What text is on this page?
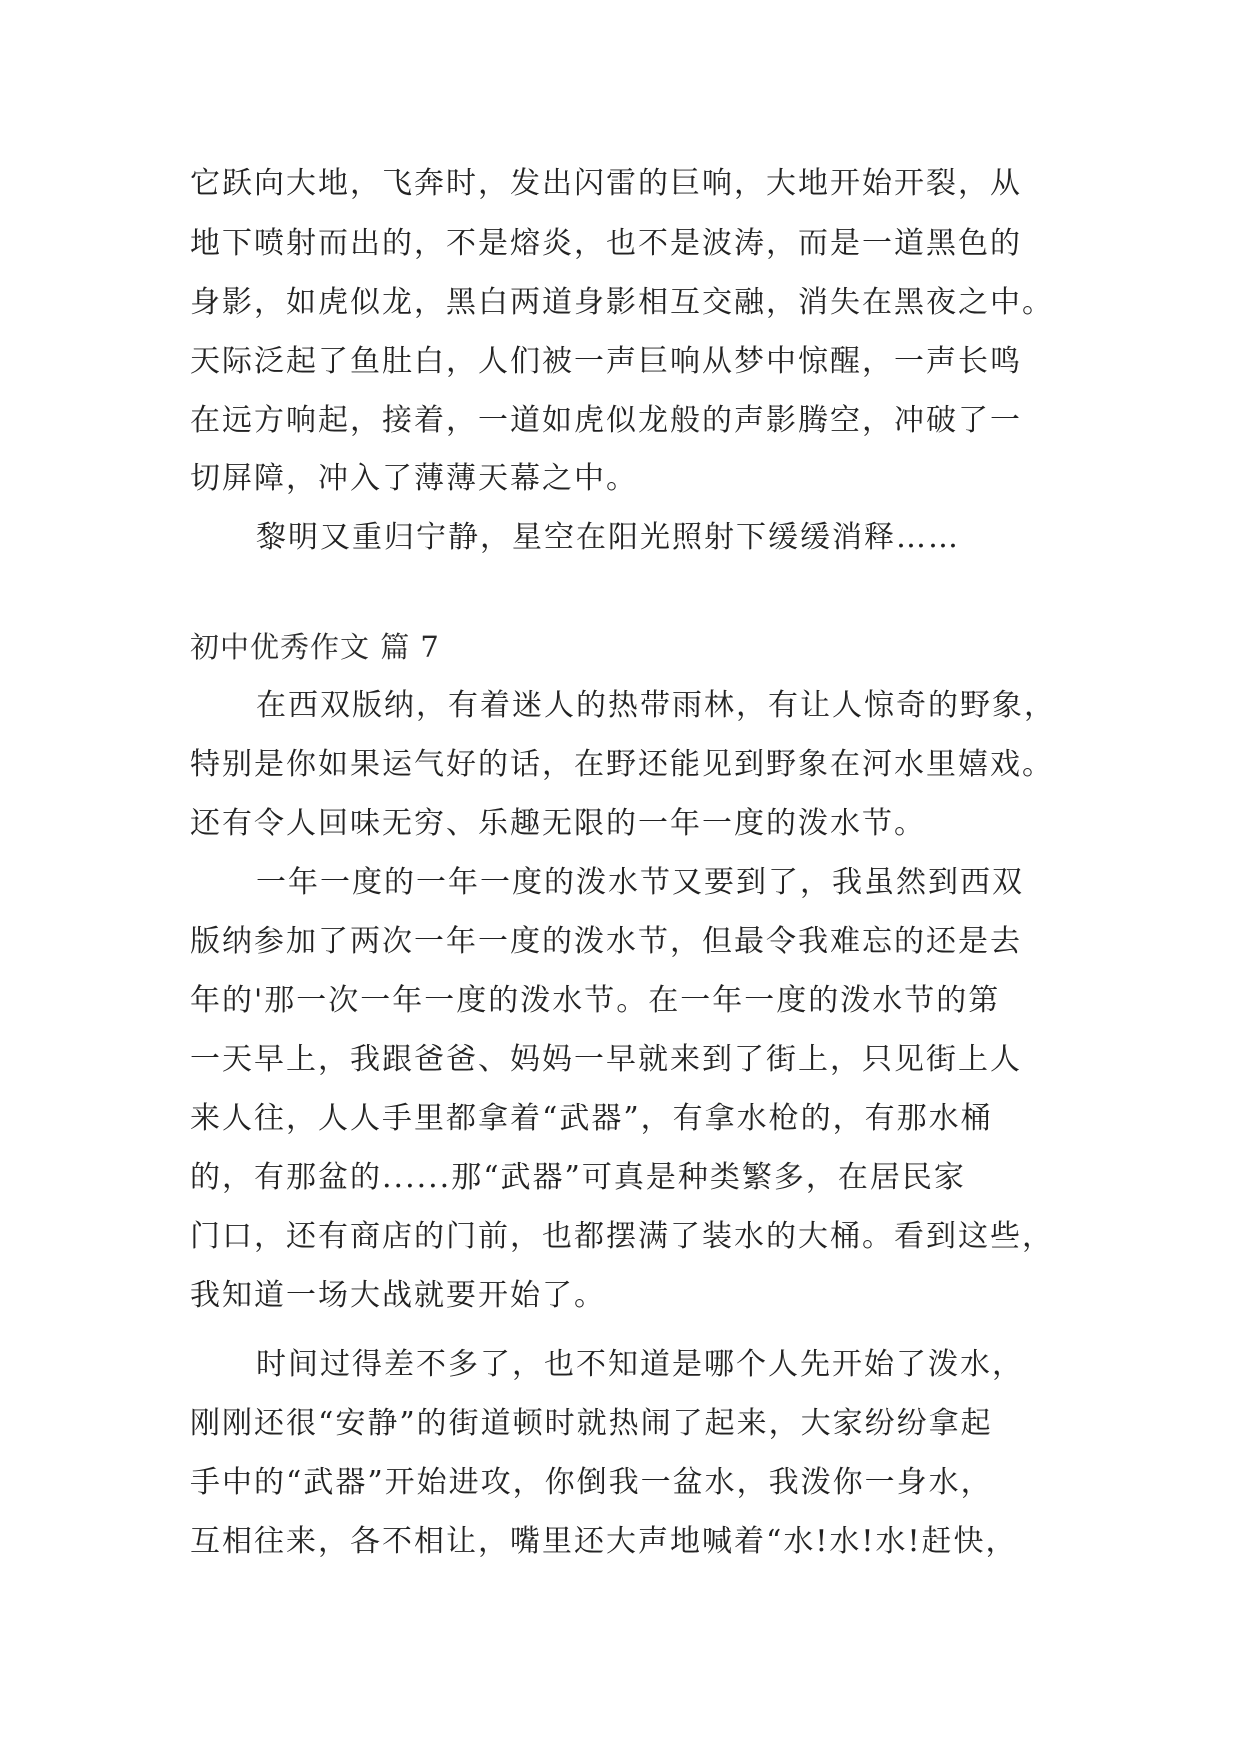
它跃向大地，飞奔时，发出闪雷的巨响，大地开始开裂，从
地下喷射而出的，不是熔炎，也不是波涛，而是一道黑色的
身影，如虎似龙，黑白两道身影相互交融，消失在黑夜之中。
天际泛起了鱼肚白，人们被一声巨响从梦中惊醒，一声长鸣
在远方响起，接着，一道如虎似龙般的声影腾空，冲破了一
切屏障，冲入了薄薄天幕之中。
黎明又重归宁静，星空在阳光照射下缓缓消释……
初中优秀作文 篇 7
在西双版纳，有着迷人的热带雨林，有让人惊奇的野象，
特别是你如果运气好的话，在野还能见到野象在河水里嬉戏。
还有令人回味无穷、乐趣无限的一年一度的泼水节。
一年一度的一年一度的泼水节又要到了，我虽然到西双
版纳参加了两次一年一度的泼水节，但最令我难忘的还是去
年的'那一次一年一度的泼水节。在一年一度的泼水节的第
一天早上，我跟爸爸、妈妈一早就来到了街上，只见街上人
来人往，人人手里都拿着“武器”，有拿水枪的，有那水桶
的，有那盆的......那“武器”可真是种类繁多，在居民家
门口，还有商店的门前，也都摆满了装水的大桶。看到这些，
我知道一场大战就要开始了。
时间过得差不多了，也不知道是哪个人先开始了泼水，
刚刚还很“安静”的街道顿时就热闹了起来，大家纷纷拿起
手中的“武器”开始进攻，你倒我一盆水，我泼你一身水，
互相往来，各不相让，嘴里还大声地喊着“水!水!水!赶快，
